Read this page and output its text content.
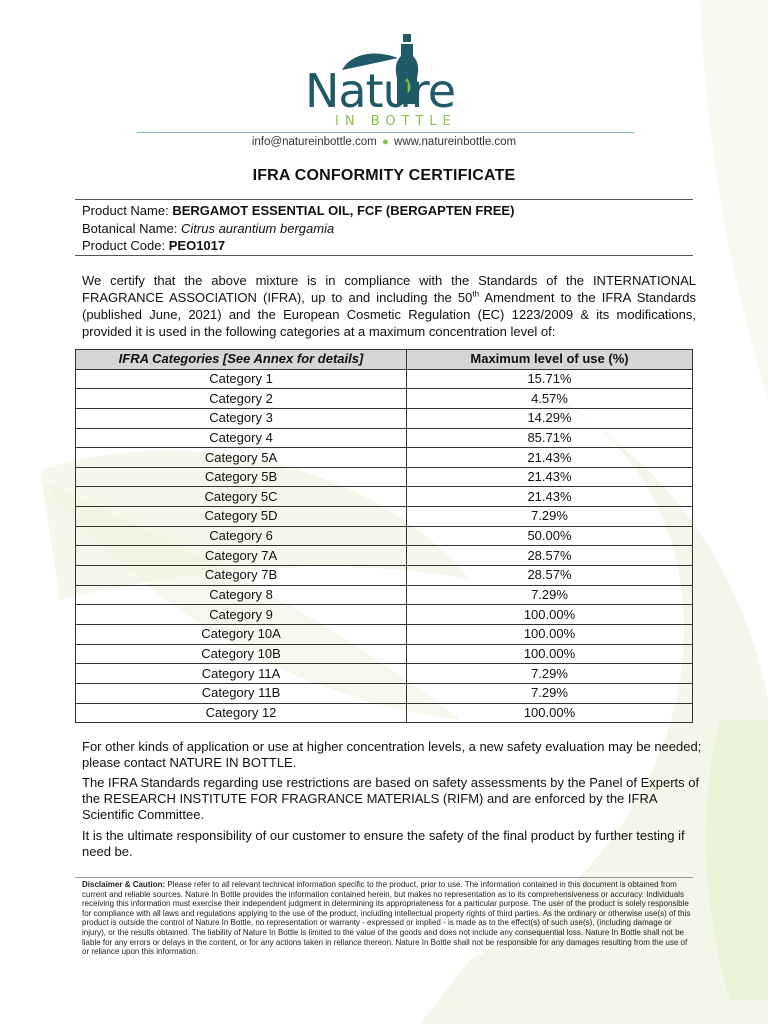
Nature
IN BOTTLE
info@natureinbottle.com ● www.natureinbottle.com
IFRA CONFORMITY CERTIFICATE
Product Name: BERGAMOT ESSENTIAL OIL, FCF (BERGAPTEN FREE)
Botanical Name: Citrus aurantium bergamia
Product Code: PEO1017
We certify that the above mixture is in compliance with the Standards of the INTERNATIONAL FRAGRANCE ASSOCIATION (IFRA), up to and including the 50th Amendment to the IFRA Standards (published June, 2021) and the European Cosmetic Regulation (EC) 1223/2009 & its modifications, provided it is used in the following categories at a maximum concentration level of:
IFRA Categories [See Annex for details]	Maximum level of use (%)
Category 1	15.71%
Category 2	4.57%
Category 3	14.29%
Category 4	85.71%
Category 5A	21.43%
Category 5B	21.43%
Category 5C	21.43%
Category 5D	7.29%
Category 6	50.00%
Category 7A	28.57%
Category 7B	28.57%
Category 8	7.29%
Category 9	100.00%
Category 10A	100.00%
Category 10B	100.00%
Category 11A	7.29%
Category 11B	7.29%
Category 12	100.00%
For other kinds of application or use at higher concentration levels, a new safety evaluation may be needed; please contact NATURE IN BOTTLE.
The IFRA Standards regarding use restrictions are based on safety assessments by the Panel of Experts of the RESEARCH INSTITUTE FOR FRAGRANCE MATERIALS (RIFM) and are enforced by the IFRA Scientific Committee.
It is the ultimate responsibility of our customer to ensure the safety of the final product by further testing if need be.
Disclaimer & Caution: Please refer to all relevant technical information specific to the product, prior to use. The information contained in this document is obtained from current and reliable sources. Nature In Bottle provides the information contained herein, but makes no representation as to its comprehensiveness or accuracy. Individuals receiving this information must exercise their independent judgment in determining its appropriateness for a particular purpose. The user of the product is solely responsible for compliance with all laws and regulations applying to the use of the product, including intellectual property rights of third parties. As the ordinary or otherwise use(s) of this product is outside the control of Nature In Bottle, no representation or warranty - expressed or implied - is made as to the effect(s) of such use(s), (including damage or injury), or the results obtained. The liability of Nature In Bottle is limited to the value of the goods and does not include any consequential loss. Nature In Bottle shall not be liable for any errors or delays in the content, or for any actions taken in reliance thereon. Nature In Bottle shall not be responsible for any damages resulting from the use of or reliance upon this information.
